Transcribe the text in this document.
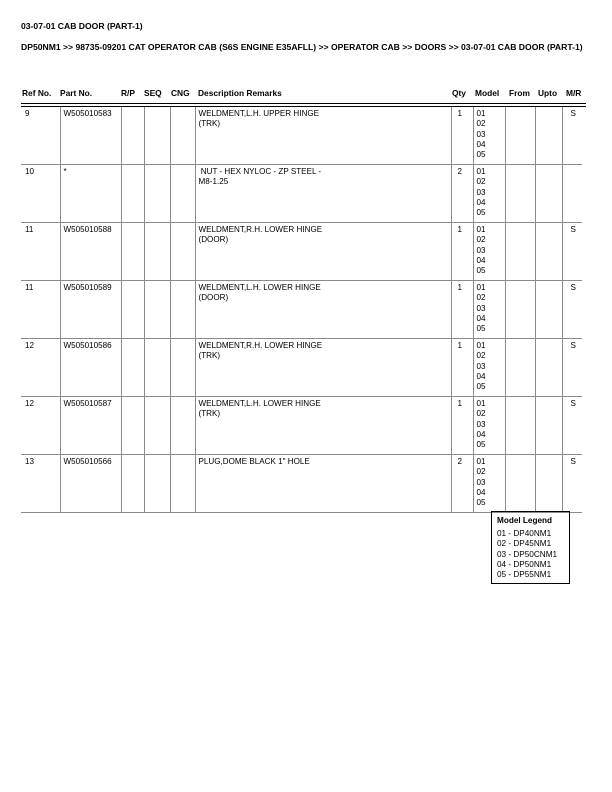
03-07-01 CAB DOOR (PART-1)
DP50NM1 >> 98735-09201 CAT OPERATOR CAB (S6S ENGINE E35AFLL) >> OPERATOR CAB >> DOORS >> 03-07-01 CAB DOOR (PART-1)
Ref No. Part No.	R/P SEQ CNG Description Remarks	Qty Model From Upto M/R
9	W505010583				WELDMENT,L.H. UPPER HINGE
(TRK)	1	01
02
03
04
05			S
10	*				NUT - HEX NYLOC - ZP STEEL -
M8-1.25	2	01
02
03
04
05			
11	W505010588				WELDMENT,R.H. LOWER HINGE
(DOOR)	1	01
02
03
04
05			S
11	W505010589				WELDMENT,L.H. LOWER HINGE
(DOOR)	1	01
02
03
04
05			S
12	W505010586				WELDMENT,R.H. LOWER HINGE
(TRK)	1	01
02
03
04
05			S
12	W505010587				WELDMENT,L.H. LOWER HINGE
(TRK)	1	01
02
03
04
05			S
13	W505010566				PLUG,DOME BLACK 1" HOLE	2	01
02
03
04
05			S
Model Legend
01 - DP40NM1
02 - DP45NM1
03 - DP50CNM1
04 - DP50NM1
05 - DP55NM1
